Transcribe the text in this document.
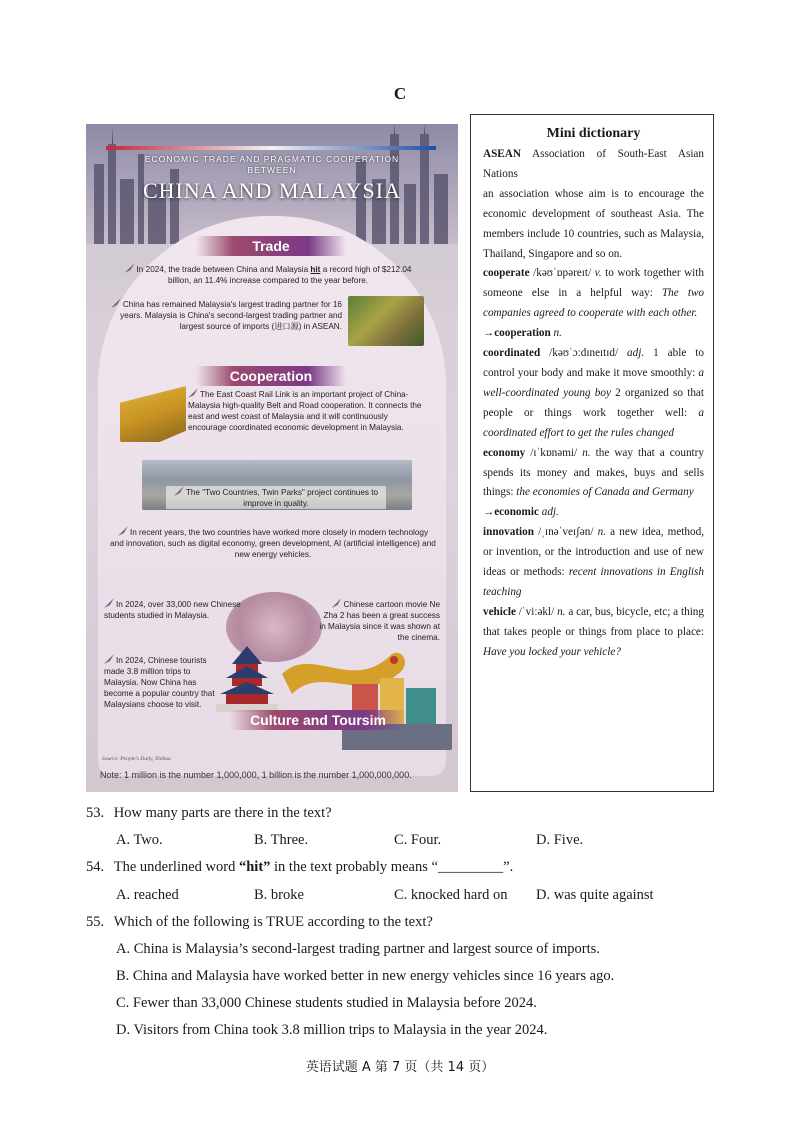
C
ECONOMIC TRADE AND PRAGMATIC COOPERATION
BETWEEN
CHINA AND MALAYSIA
Trade
In 2024, the trade between China and Malaysia hit a record high of $212.04 billion, an 11.4% increase compared to the year before.
China has remained Malaysia's largest trading partner for 16 years. Malaysia is China's second-largest trading partner and largest source of imports (进口源) in ASEAN.
Cooperation
The East Coast Rail Link is an important project of China-Malaysia high-quality Belt and Road cooperation. It connects the east and west coast of Malaysia and it will continuously encourage coordinated economic development in Malaysia.
The "Two Countries, Twin Parks" project continues to improve in quality.
In recent years, the two countries have worked more closely in modern technology and innovation, such as digital economy, green development, AI (artificial intelligence) and new energy vehicles.
In 2024, over 33,000 new Chinese students studied in Malaysia.
Chinese cartoon movie Ne Zha 2 has been a great success in Malaysia since it was shown at the cinema.
In 2024, Chinese tourists made 3.8 million trips to Malaysia. Now China has become a popular country that Malaysians choose to visit.
Culture and Toursim
Source: People's Daily, Xinhua
Note: 1 million is the number 1,000,000, 1 billion is the number 1,000,000,000.
Mini dictionary

ASEAN Association of South-East Asian Nations

an association whose aim is to encourage the economic development of southeast Asia. The members include 10 countries, such as Malaysia, Thailand, Singapore and so on.

cooperate /kəʊˈɒpəreɪt/ v. to work together with someone else in a helpful way: The two companies agreed to cooperate with each other.

→cooperation n.

coordinated /kəʊˈɔːdɪneɪtɪd/ adj. 1 able to control your body and make it move smoothly: a well-coordinated young boy 2 organized so that people or things work together well: a coordinated effort to get the rules changed

economy /ɪˈkɒnəmi/ n. the way that a country spends its money and makes, buys and sells things: the economies of Canada and Germany

→economic adj.

innovation /ˌɪnəˈveɪʃən/ n. a new idea, method, or invention, or the introduction and use of new ideas or methods: recent innovations in English teaching

vehicle /ˈviːəkl/ n. a car, bus, bicycle, etc; a thing that takes people or things from place to place: Have you locked your vehicle?

53. How many parts are there in the text?
A. Two.	B. Three.	C. Four.	D. Five.
54. The underlined word “hit” in the text probably means “_________”.
A. reached	B. broke	C. knocked hard on D. was quite against
55. Which of the following is TRUE according to the text?
A. China is Malaysia’s second-largest trading partner and largest source of imports.
B. China and Malaysia have worked better in new energy vehicles since 16 years ago.
C. Fewer than 33,000 Chinese students studied in Malaysia before 2024.
D. Visitors from China took 3.8 million trips to Malaysia in the year 2024.
英语试题 A 第 7 页（共 14 页）
